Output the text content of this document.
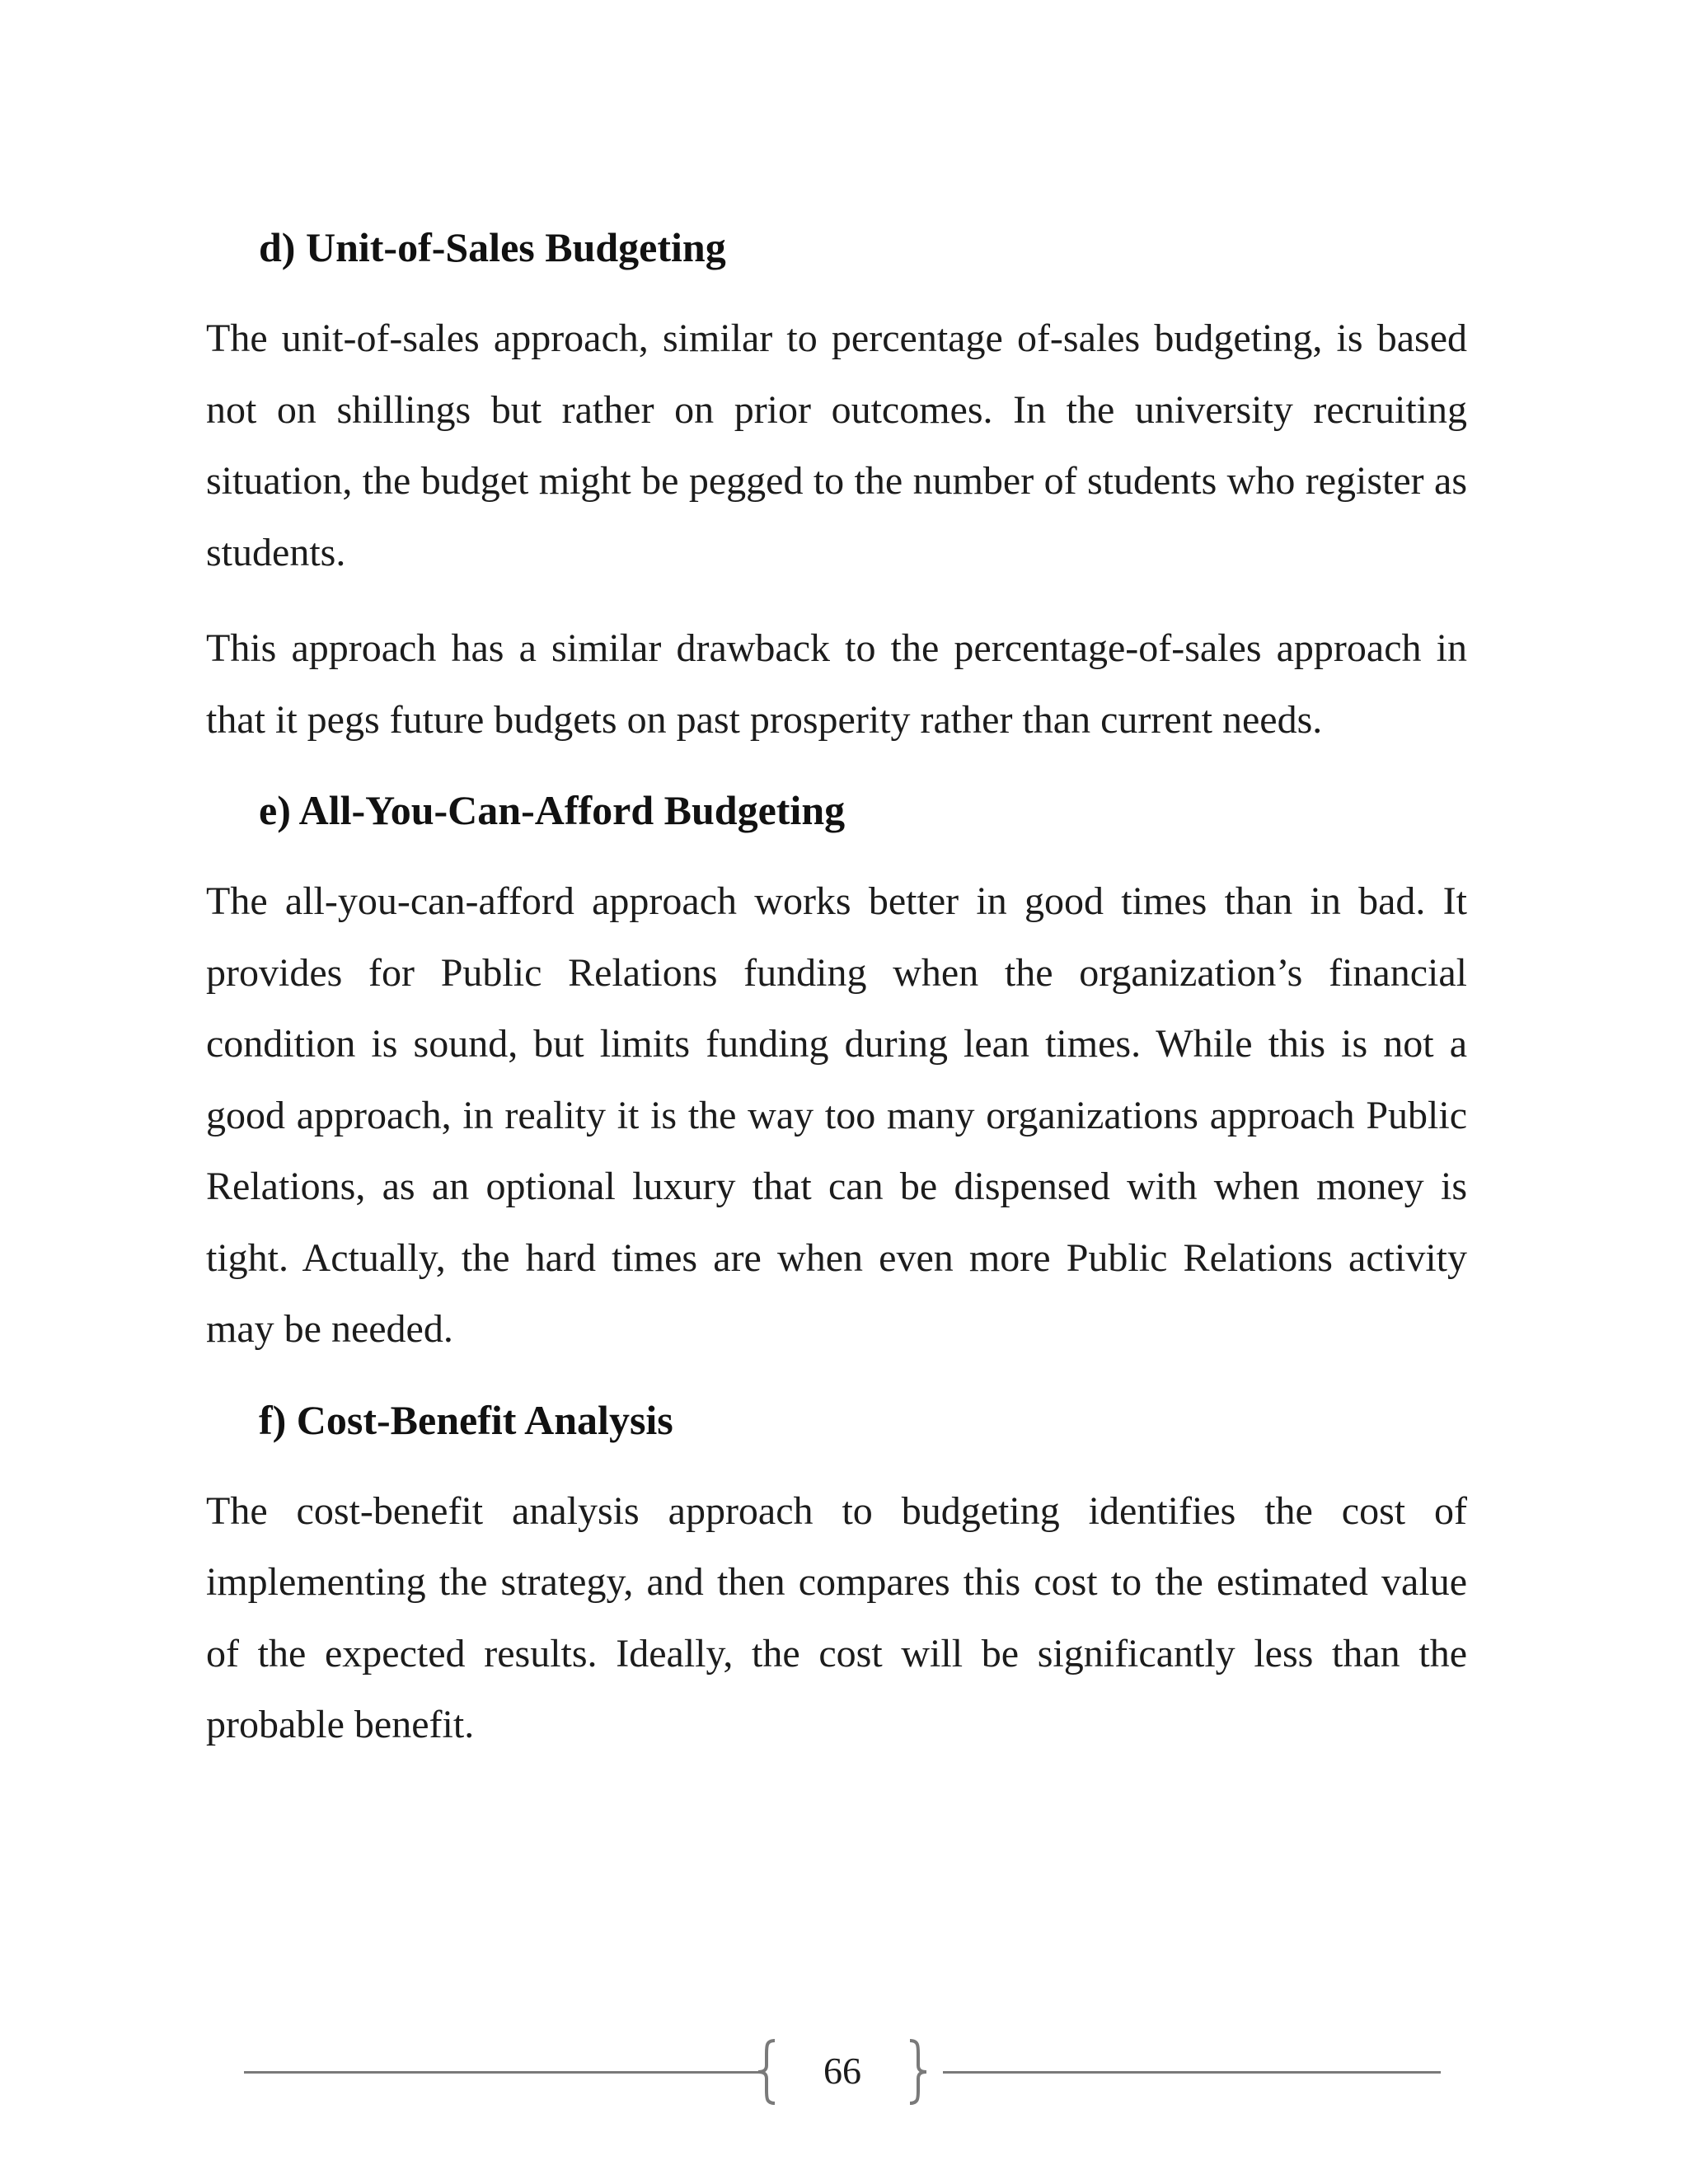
d) Unit-of-Sales Budgeting

The unit-of-sales approach, similar to percentage of-sales budgeting, is based not on shillings but rather on prior outcomes. In the university recruiting situation, the budget might be pegged to the number of students who register as students.

This approach has a similar drawback to the percentage-of-sales approach in that it pegs future budgets on past prosperity rather than current needs.

e) All-You-Can-Afford Budgeting

The all-you-can-afford approach works better in good times than in bad. It provides for Public Relations funding when the organization’s financial condition is sound, but limits funding during lean times. While this is not a good approach, in reality it is the way too many organizations approach Public Relations, as an optional luxury that can be dispensed with when money is tight. Actually, the hard times are when even more Public Relations activity may be needed.

f) Cost-Benefit Analysis

The cost-benefit analysis approach to budgeting identifies the cost of implementing the strategy, and then compares this cost to the estimated value of the expected results. Ideally, the cost will be significantly less than the probable benefit.

66
